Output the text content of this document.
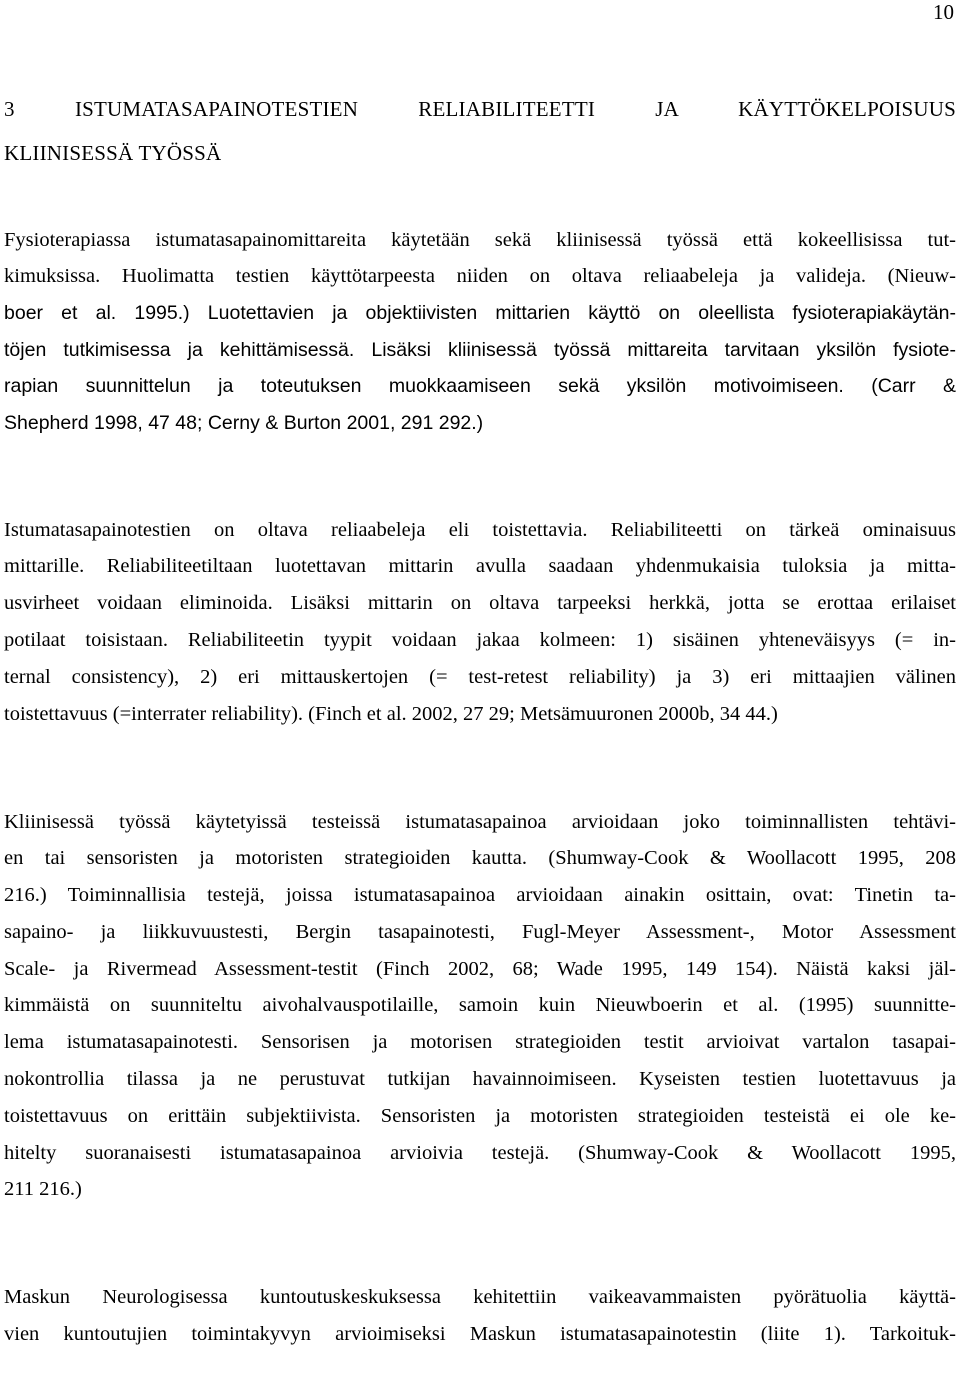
10
3 ISTUMATASAPAINOTESTIEN RELIABILITEETTI JA KÄYTTÖKELPOISUUS
KLIINISESSÄ TYÖSSÄ
Fysioterapiassa istumatasapainomittareita käytetään sekä kliinisessä työssä että kokeellisissa tut-
kimuksissa. Huolimatta testien käyttötarpeesta niiden on oltava reliaabeleja ja valideja. (Nieuw-
boer et al. 1995.) Luotettavien ja objektiivisten mittarien käyttö on oleellista fysioterapiakäytän-
töjen tutkimisessa ja kehittämisessä. Lisäksi kliinisessä työssä mittareita tarvitaan yksilön fysiote-
rapian suunnittelun ja toteutuksen muokkaamiseen sekä yksilön motivoimiseen. (Carr &
Shepherd 1998, 47 48; Cerny & Burton 2001, 291 292.)
Istumatasapainotestien on oltava reliaabeleja eli toistettavia. Reliabiliteetti on tärkeä ominaisuus
mittarille. Reliabiliteetiltaan luotettavan mittarin avulla saadaan yhdenmukaisia tuloksia ja mitta-
usvirheet voidaan eliminoida. Lisäksi mittarin on oltava tarpeeksi herkkä, jotta se erottaa erilaiset
potilaat toisistaan. Reliabiliteetin tyypit voidaan jakaa kolmeen: 1) sisäinen yhteneväisyys (= in-
ternal consistency), 2) eri mittauskertojen (= test-retest reliability) ja 3) eri mittaajien välinen
toistettavuus (=interrater reliability). (Finch et al. 2002, 27 29; Metsämuuronen 2000b, 34 44.)
Kliinisessä työssä käytetyissä testeissä istumatasapainoa arvioidaan joko toiminnallisten tehtävi-
en tai sensoristen ja motoristen strategioiden kautta. (Shumway-Cook & Woollacott 1995, 208
216.) Toiminnallisia testejä, joissa istumatasapainoa arvioidaan ainakin osittain, ovat: Tinetin ta-
sapaino- ja liikkuvuustesti, Bergin tasapainotesti, Fugl-Meyer Assessment-, Motor Assessment
Scale- ja Rivermead Assessment-testit (Finch 2002, 68; Wade 1995, 149 154). Näistä kaksi jäl-
kimmäistä on suunniteltu aivohalvauspotilaille, samoin kuin Nieuwboerin et al. (1995) suunnitte-
lema istumatasapainotesti. Sensorisen ja motorisen strategioiden testit arvioivat vartalon tasapai-
nokontrollia tilassa ja ne perustuvat tutkijan havainnoimiseen. Kyseisten testien luotettavuus ja
toistettavuus on erittäin subjektiivista. Sensoristen ja motoristen strategioiden testeistä ei ole ke-
hitelty suoranaisesti istumatasapainoa arvioivia testejä. (Shumway-Cook & Woollacott 1995,
211 216.)
Maskun Neurologisessa kuntoutuskeskuksessa kehitettiin vaikeavammaisten pyörätuolia käyttä-
vien kuntoutujien toimintakyvyn arvioimiseksi Maskun istumatasapainotestin (liite 1). Tarkoituk-
